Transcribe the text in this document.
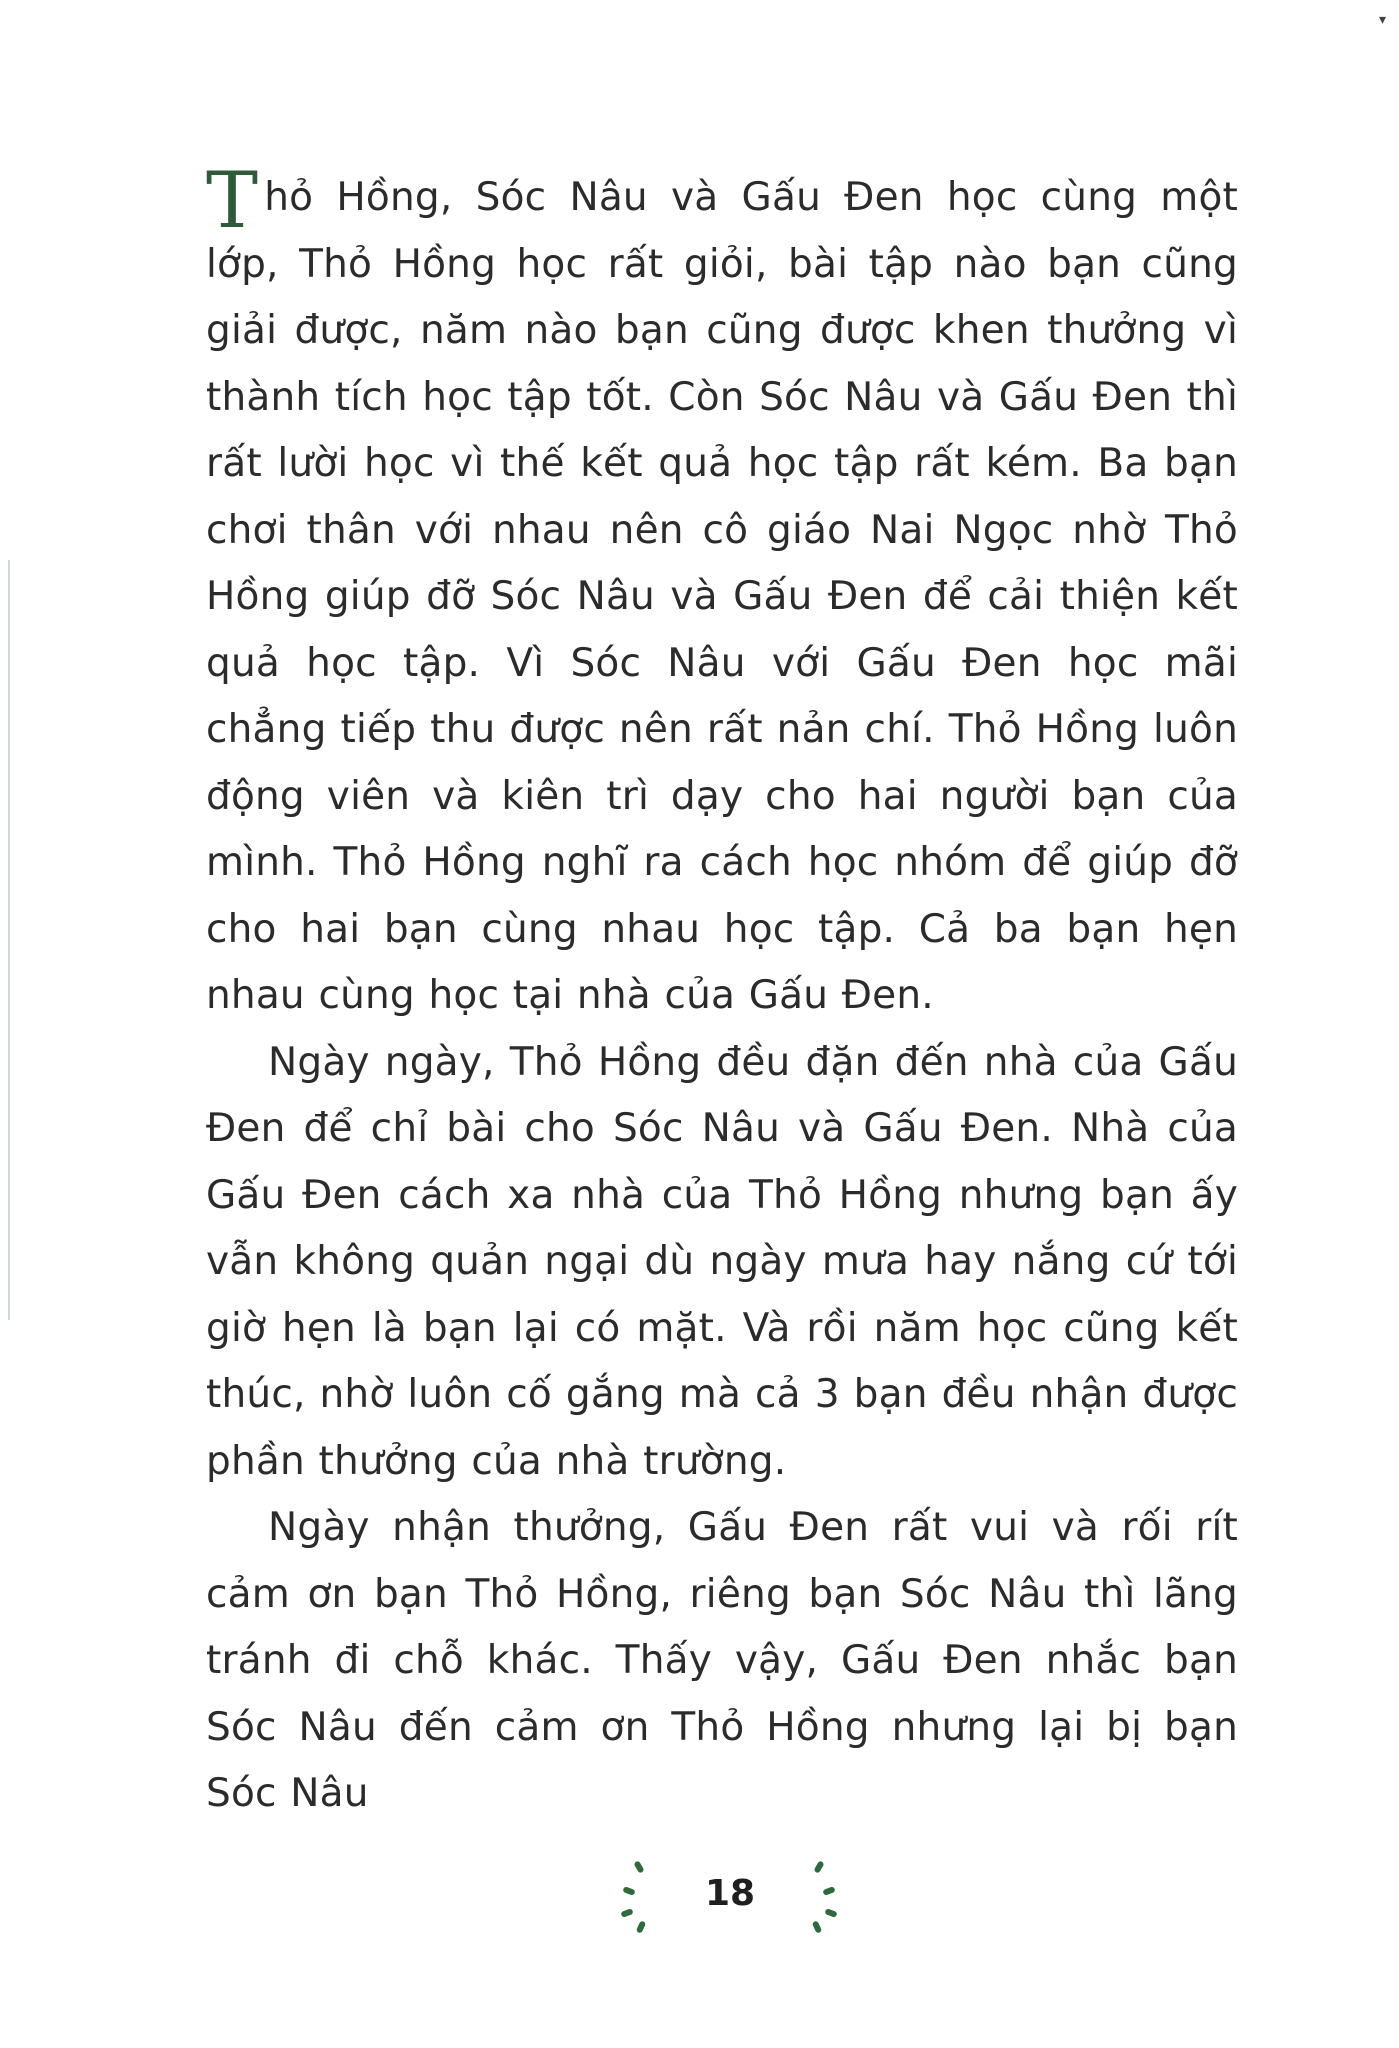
▾

Thỏ Hồng, Sóc Nâu và Gấu Đen học cùng một lớp, Thỏ Hồng học rất giỏi, bài tập nào bạn cũng giải được, năm nào bạn cũng được khen thưởng vì thành tích học tập tốt. Còn Sóc Nâu và Gấu Đen thì rất lười học vì thế kết quả học tập rất kém. Ba bạn chơi thân với nhau nên cô giáo Nai Ngọc nhờ Thỏ Hồng giúp đỡ Sóc Nâu và Gấu Đen để cải thiện kết quả học tập. Vì Sóc Nâu với Gấu Đen học mãi chẳng tiếp thu được nên rất nản chí. Thỏ Hồng luôn động viên và kiên trì dạy cho hai người bạn của mình. Thỏ Hồng nghĩ ra cách học nhóm để giúp đỡ cho hai bạn cùng nhau học tập. Cả ba bạn hẹn nhau cùng học tại nhà của Gấu Đen.

Ngày ngày, Thỏ Hồng đều đặn đến nhà của Gấu Đen để chỉ bài cho Sóc Nâu và Gấu Đen. Nhà của Gấu Đen cách xa nhà của Thỏ Hồng nhưng bạn ấy vẫn không quản ngại dù ngày mưa hay nắng cứ tới giờ hẹn là bạn lại có mặt. Và rồi năm học cũng kết thúc, nhờ luôn cố gắng mà cả 3 bạn đều nhận được phần thưởng của nhà trường.

Ngày nhận thưởng, Gấu Đen rất vui và rối rít cảm ơn bạn Thỏ Hồng, riêng bạn Sóc Nâu thì lãng tránh đi chỗ khác. Thấy vậy, Gấu Đen nhắc bạn Sóc Nâu đến cảm ơn Thỏ Hồng nhưng lại bị bạn Sóc Nâu

18
